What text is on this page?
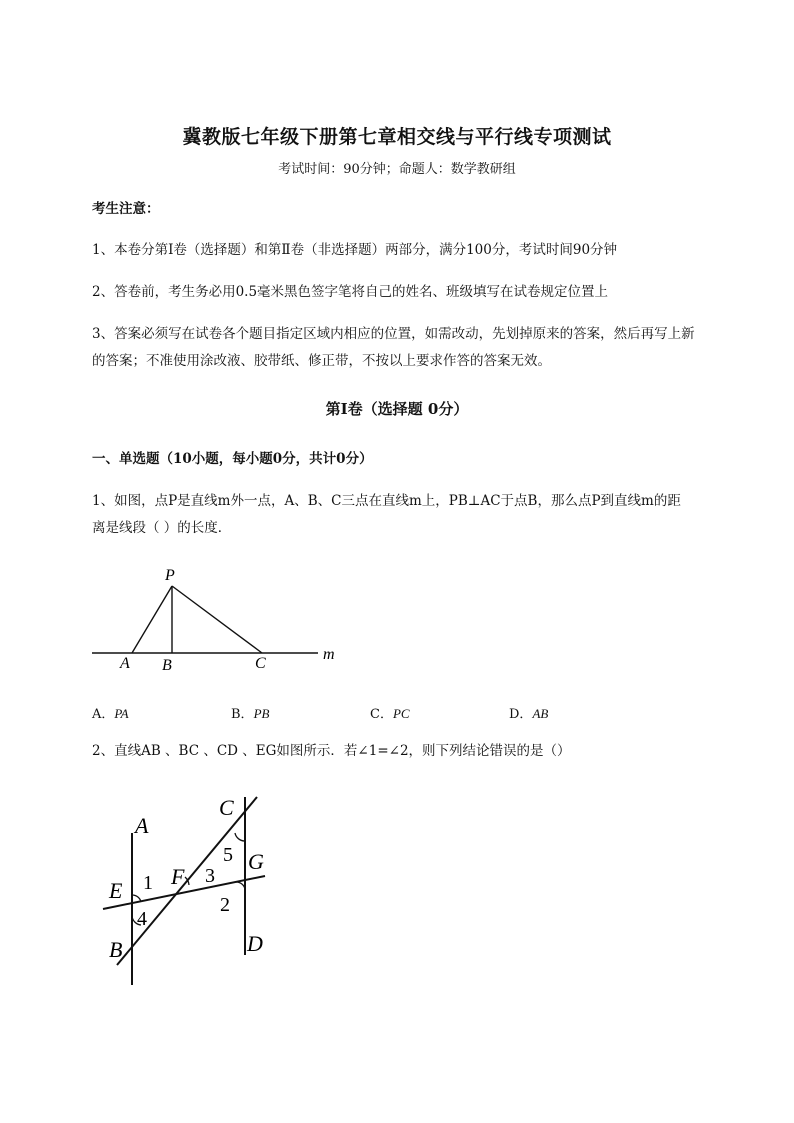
冀教版七年级下册第七章相交线与平行线专项测试
考试时间：90分钟；命题人：数学教研组
考生注意：
1、本卷分第I卷（选择题）和第Ⅱ卷（非选择题）两部分，满分100分，考试时间90分钟
2、答卷前，考生务必用0.5毫米黑色签字笔将自己的姓名、班级填写在试卷规定位置上
3、答案必须写在试卷各个题目指定区域内相应的位置，如需改动，先划掉原来的答案，然后再写上新
的答案；不准使用涂改液、胶带纸、修正带，不按以上要求作答的答案无效。
第I卷（选择题 0分）
一、单选题（10小题，每小题0分，共计0分）
1、如图，点P是直线m外一点，A、B、C三点在直线m上，PB⊥AC于点B，那么点P到直线m的距
离是线段（ ）的长度．
P
A B	C
m
A．PA	B．PB	C．PC	D．AB
2、直线AB 、BC 、CD 、EG如图所示．若∠1=∠2，则下列结论错误的是（）
A
B
C
D
E
F
G
1
2
3
4
5
